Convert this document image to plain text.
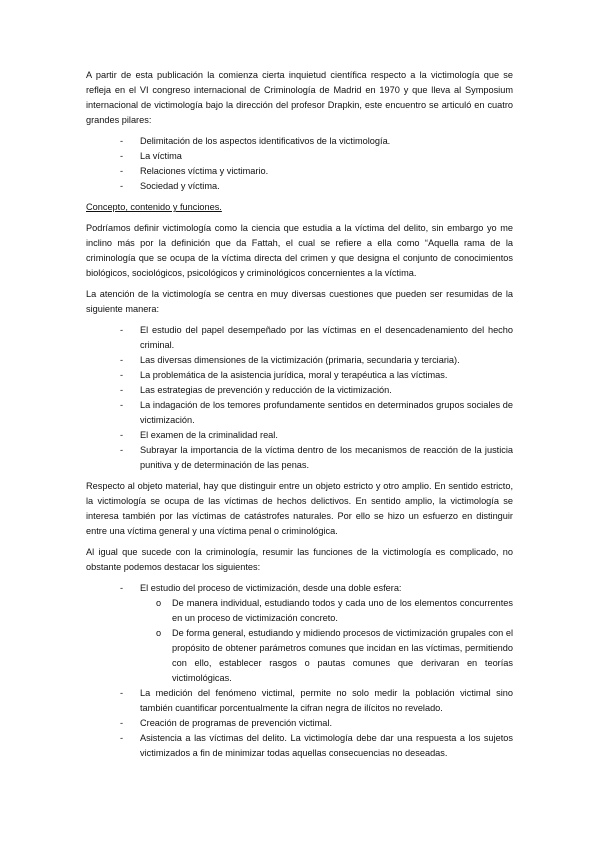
A partir de esta publicación la comienza cierta inquietud científica respecto a la victimología que se refleja en el VI congreso internacional de Criminología de Madrid en 1970 y que lleva al Symposium internacional de victimología bajo la dirección del profesor Drapkin, este encuentro se articuló en cuatro grandes pilares:

- Delimitación de los aspectos identificativos de la victimología.
- La víctima
- Relaciones víctima y victimario.
- Sociedad y víctima.

Concepto, contenido y funciones.

Podríamos definir victimología como la ciencia que estudia a la víctima del delito, sin embargo yo me inclino más por la definición que da Fattah, el cual se refiere a ella como “Aquella rama de la criminología que se ocupa de la víctima directa del crimen y que designa el conjunto de conocimientos biológicos, sociológicos, psicológicos y criminológicos concernientes a la víctima.

La atención de la victimología se centra en muy diversas cuestiones que pueden ser resumidas de la siguiente manera:

- El estudio del papel desempeñado por las víctimas en el desencadenamiento del hecho criminal.
- Las diversas dimensiones de la victimización (primaria, secundaria y terciaria).
- La problemática de la asistencia jurídica, moral y terapéutica a las víctimas.
- Las estrategias de prevención y reducción de la victimización.
- La indagación de los temores profundamente sentidos en determinados grupos sociales de victimización.
- El examen de la criminalidad real.
- Subrayar la importancia de la víctima dentro de los mecanismos de reacción de la justicia punitiva y de determinación de las penas.

Respecto al objeto material, hay que distinguir entre un objeto estricto y otro amplio. En sentido estricto, la victimología se ocupa de las víctimas de hechos delictivos. En sentido amplio, la victimología se interesa también por las víctimas de catástrofes naturales. Por ello se hizo un esfuerzo en distinguir entre una víctima general y una víctima penal o criminológica.

Al igual que sucede con la criminología, resumir las funciones de la victimología es complicado, no obstante podemos destacar los siguientes:

- El estudio del proceso de victimización, desde una doble esfera:
o De manera individual, estudiando todos y cada uno de los elementos concurrentes en un proceso de victimización concreto.
o De forma general, estudiando y midiendo procesos de victimización grupales con el propósito de obtener parámetros comunes que incidan en las víctimas, permitiendo con ello, establecer rasgos o pautas comunes que derivaran en teorías victimológicas.
- La medición del fenómeno victimal, permite no solo medir la población victimal sino también cuantificar porcentualmente la cifran negra de ilícitos no revelado.
- Creación de programas de prevención victimal.
- Asistencia a las víctimas del delito. La victimología debe dar una respuesta a los sujetos victimizados a fin de minimizar todas aquellas consecuencias no deseadas.
